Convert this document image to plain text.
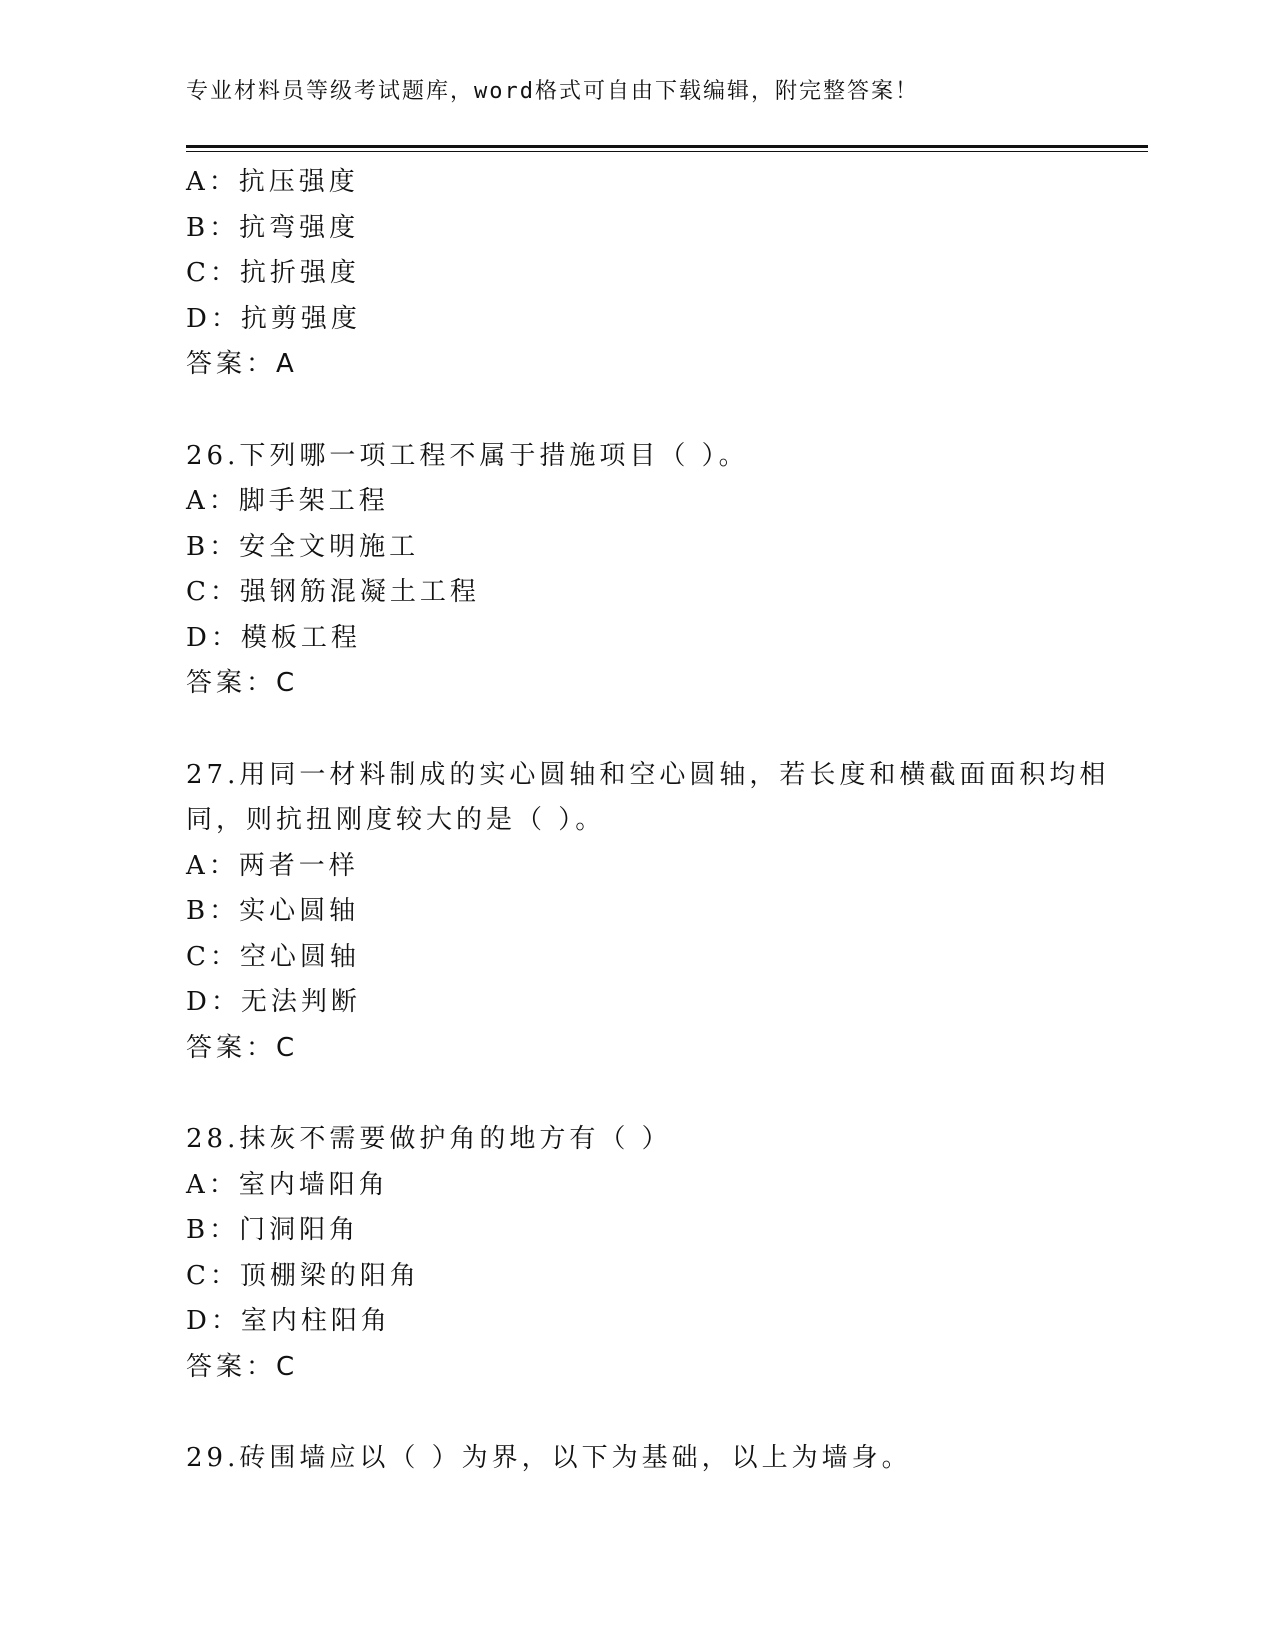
专业材料员等级考试题库，word格式可自由下载编辑，附完整答案！
A：抗压强度
B：抗弯强度
C：抗折强度
D：抗剪强度
答案：A
26.下列哪一项工程不属于措施项目（ ）。
A：脚手架工程
B：安全文明施工
C：强钢筋混凝土工程
D：模板工程
答案：C
27.用同一材料制成的实心圆轴和空心圆轴，若长度和横截面面积均相
同，则抗扭刚度较大的是（ ）。
A：两者一样
B：实心圆轴
C：空心圆轴
D：无法判断
答案：C
28.抹灰不需要做护角的地方有（ ）
A：室内墙阳角
B：门洞阳角
C：顶棚梁的阳角
D：室内柱阳角
答案：C
29.砖围墙应以（ ）为界，以下为基础，以上为墙身。
